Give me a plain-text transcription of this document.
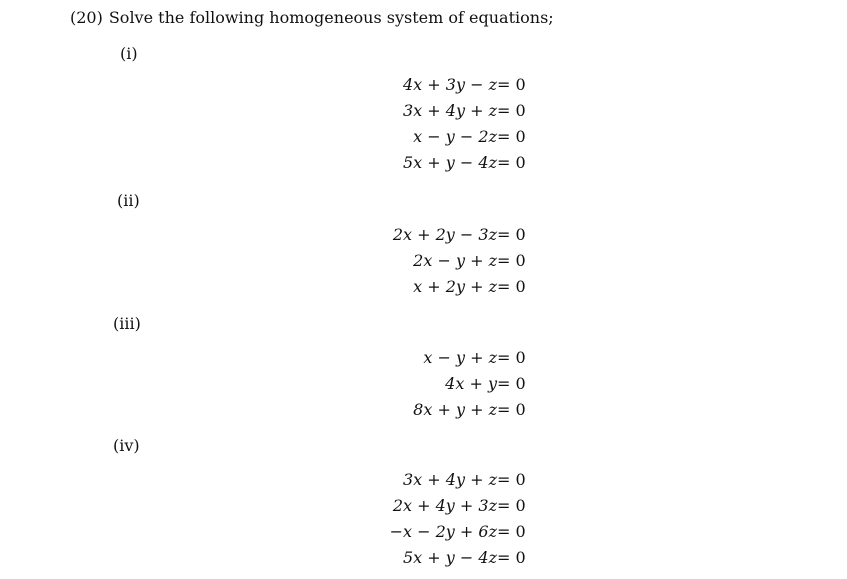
(20) Solve the following homogeneous system of equations;
(i)
4x + 3y − z = 0
3x + 4y + z = 0
x − y − 2z = 0
5x + y − 4z = 0
(ii)
2x + 2y − 3z = 0
2x − y + z = 0
x + 2y + z = 0
(iii)
x − y + z = 0
4x + y = 0
8x + y + z = 0
(iv)
3x + 4y + z = 0
2x + 4y + 3z = 0
−x − 2y + 6z = 0
5x + y − 4z = 0
